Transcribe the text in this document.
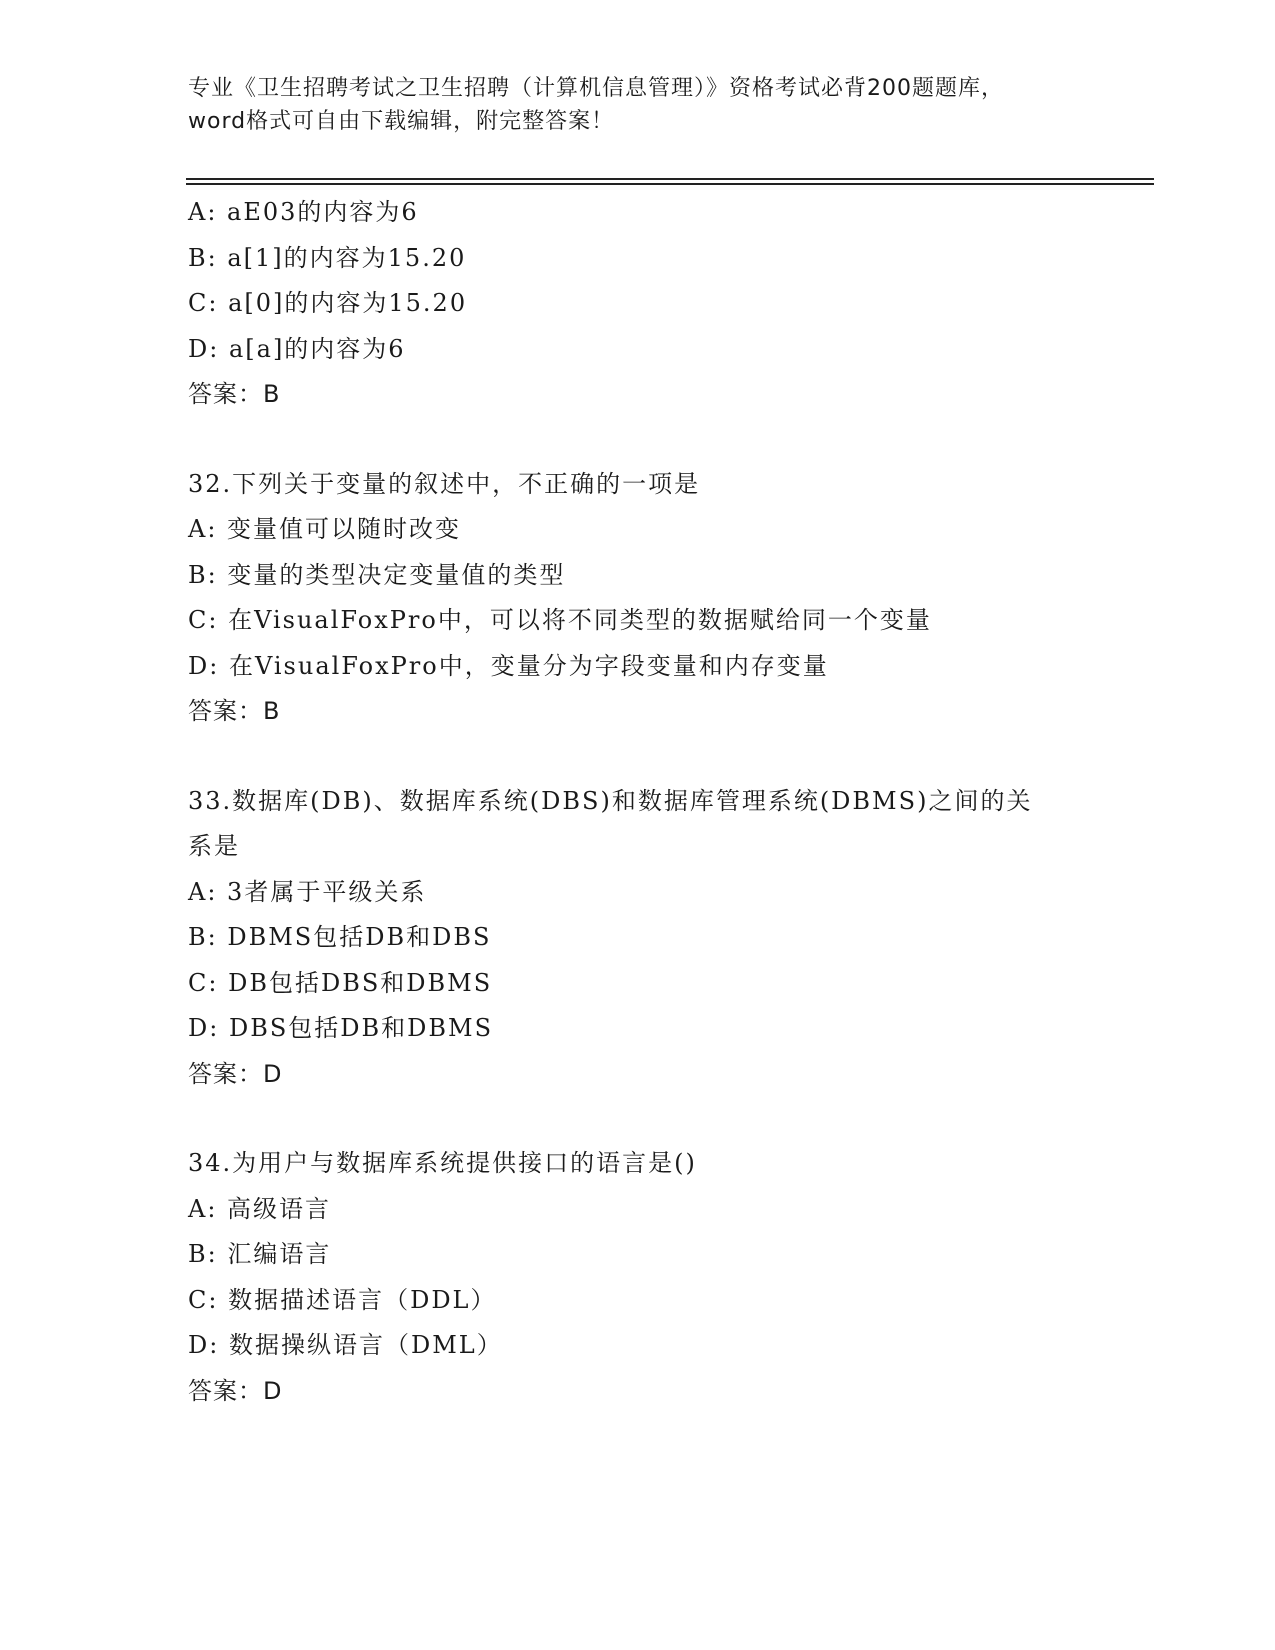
专业《卫生招聘考试之卫生招聘（计算机信息管理）》资格考试必背200题题库，
word格式可自由下载编辑，附完整答案！
A: aE03的内容为6
B: a[1]的内容为15.20
C: a[0]的内容为15.20
D: a[a]的内容为6
答案：B
32.下列关于变量的叙述中，不正确的一项是
A: 变量值可以随时改变
B: 变量的类型决定变量值的类型
C: 在VisualFoxPro中，可以将不同类型的数据赋给同一个变量
D: 在VisualFoxPro中，变量分为字段变量和内存变量
答案：B
33.数据库(DB)、数据库系统(DBS)和数据库管理系统(DBMS)之间的关
系是
A: 3者属于平级关系
B: DBMS包括DB和DBS
C: DB包括DBS和DBMS
D: DBS包括DB和DBMS
答案：D
34.为用户与数据库系统提供接口的语言是()
A: 高级语言
B: 汇编语言
C: 数据描述语言（DDL）
D: 数据操纵语言（DML）
答案：D
